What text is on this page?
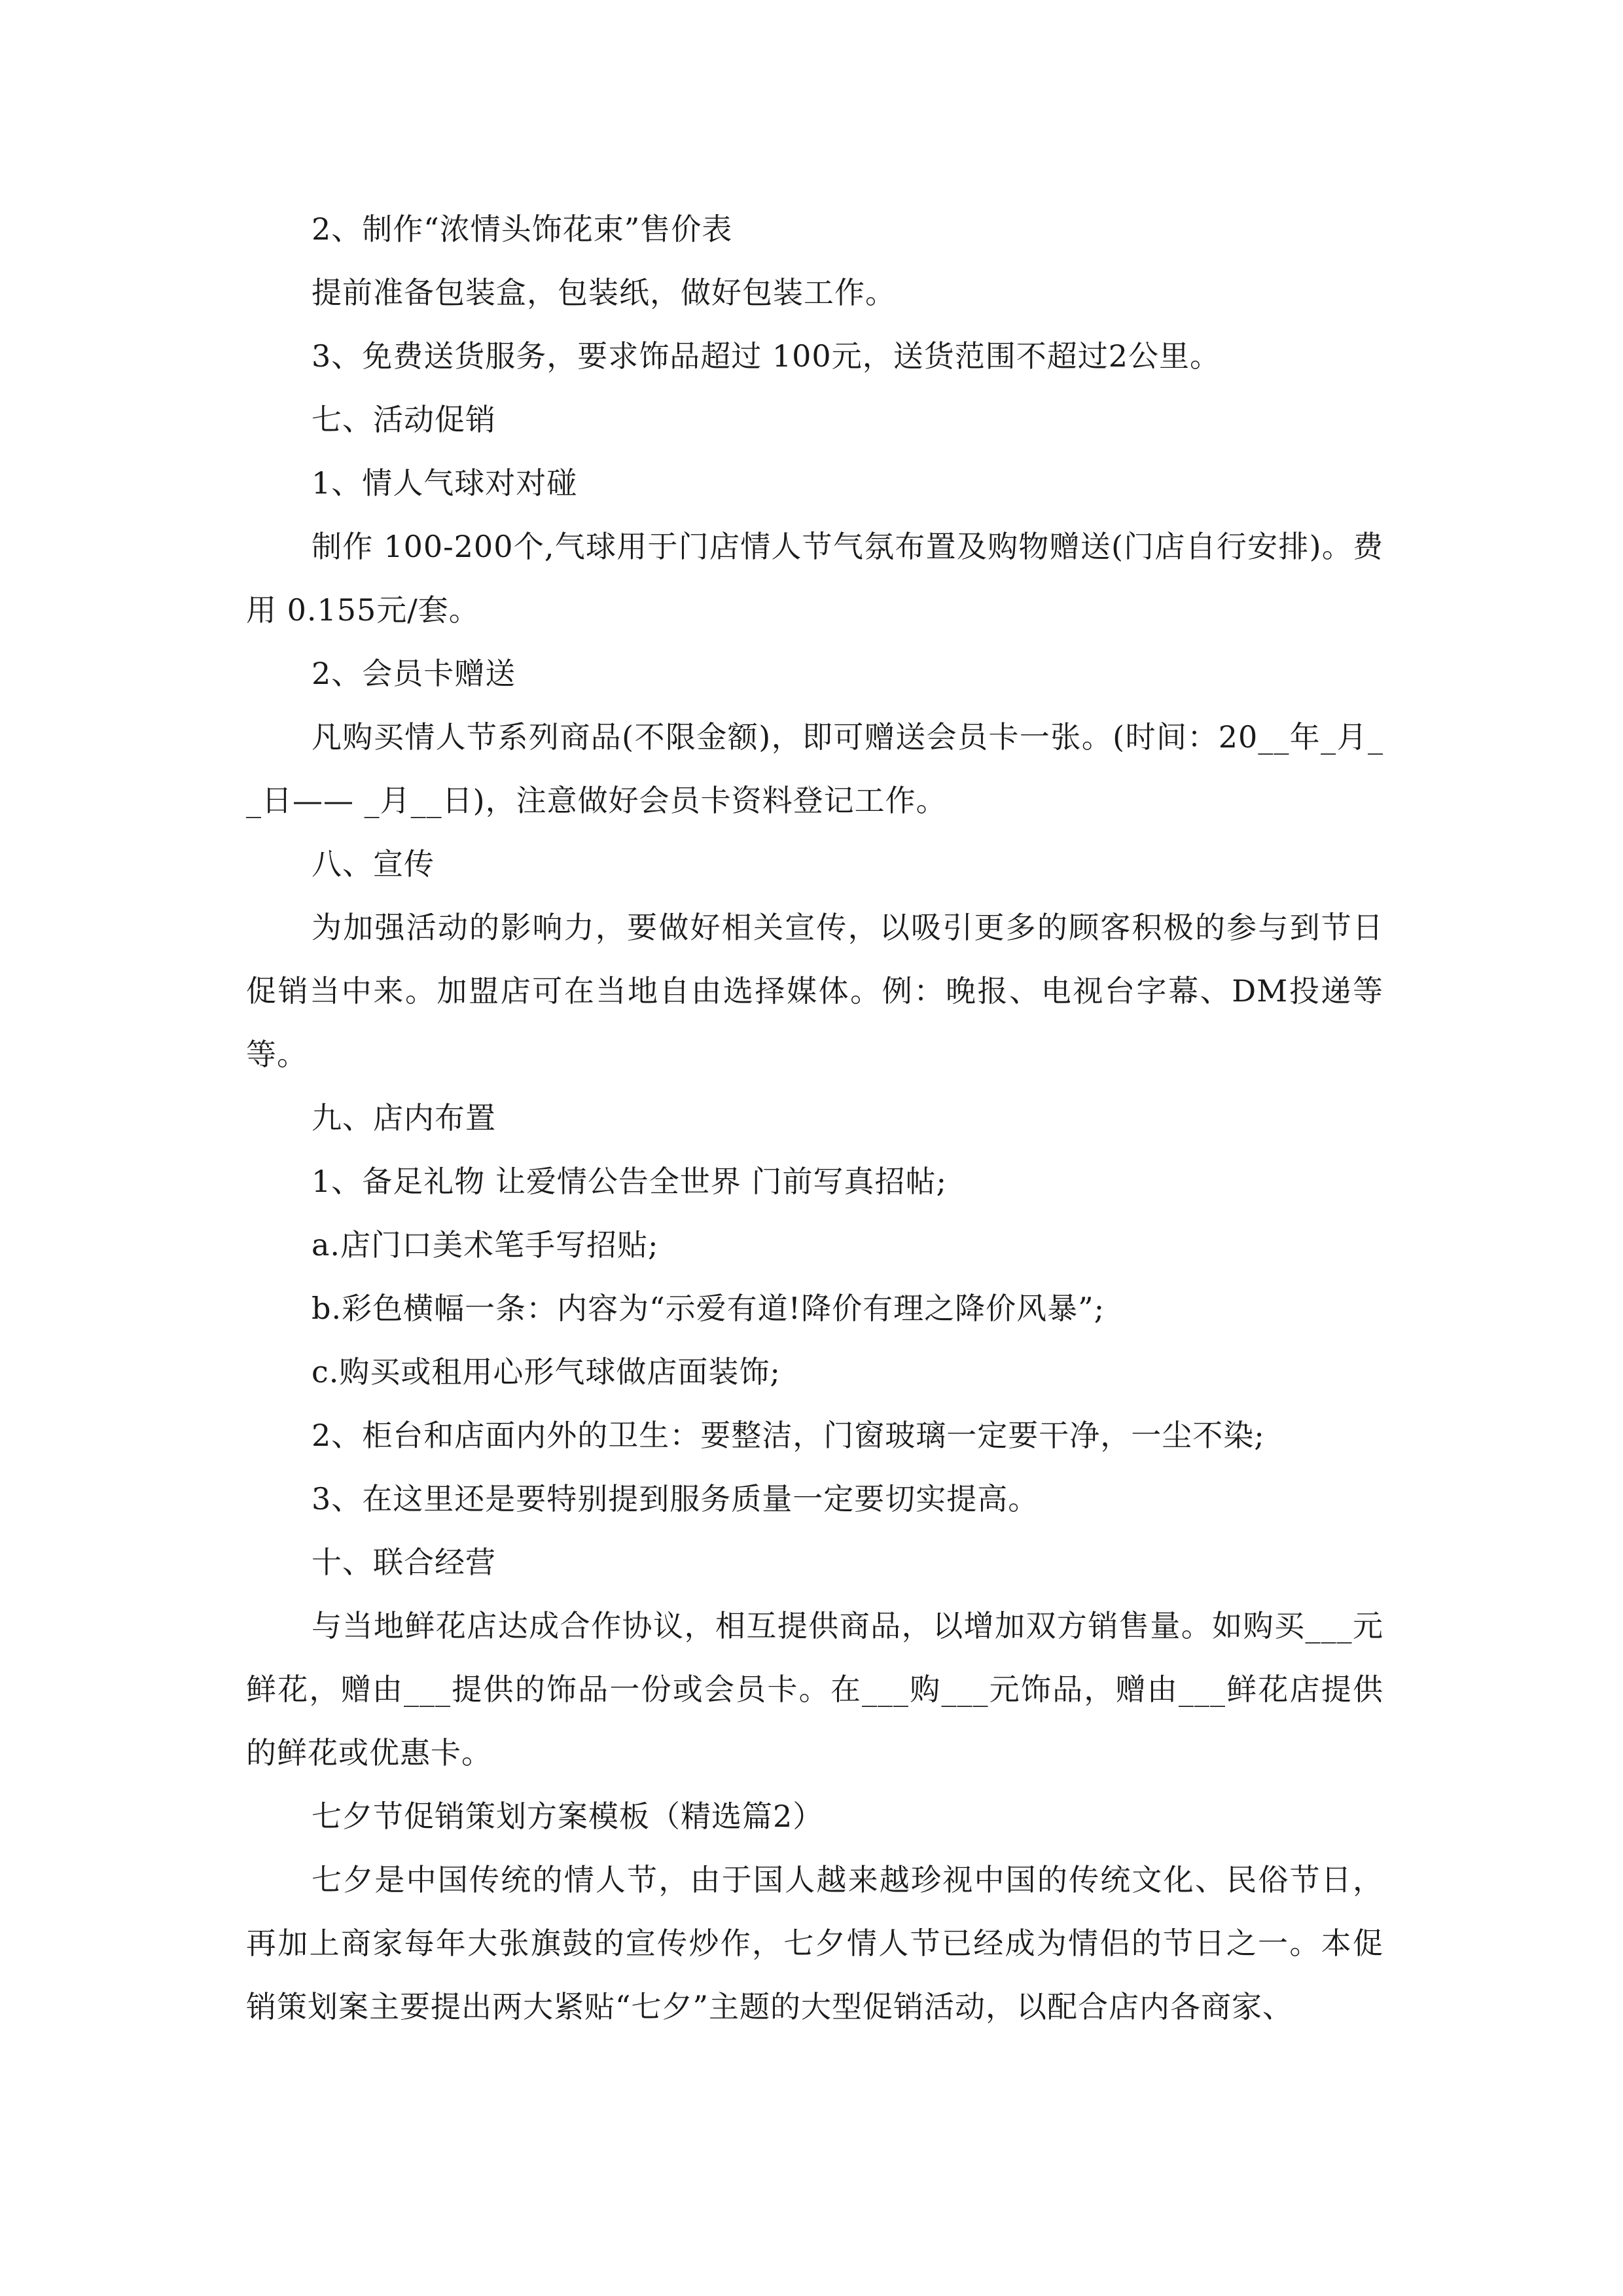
2、制作“浓情头饰花束”售价表

提前准备包装盒，包装纸，做好包装工作。

3、免费送货服务，要求饰品超过 100元，送货范围不超过2公里。

七、活动促销

1、情人气球对对碰

制作 100-200个,气球用于门店情人节气氛布置及购物赠送(门店自行安排)。费用 0.155元/套。

2、会员卡赠送

凡购买情人节系列商品(不限金额)，即可赠送会员卡一张。(时间：20__年_月__日—— _月__日)，注意做好会员卡资料登记工作。

八、宣传

为加强活动的影响力，要做好相关宣传，以吸引更多的顾客积极的参与到节日促销当中来。加盟店可在当地自由选择媒体。例：晚报、电视台字幕、DM投递等等。

九、店内布置

1、备足礼物 让爱情公告全世界 门前写真招帖;

a.店门口美术笔手写招贴;

b.彩色横幅一条：内容为“示爱有道!降价有理之降价风暴”;

c.购买或租用心形气球做店面装饰;

2、柜台和店面内外的卫生：要整洁，门窗玻璃一定要干净，一尘不染;

3、在这里还是要特别提到服务质量一定要切实提高。

十、联合经营

与当地鲜花店达成合作协议，相互提供商品，以增加双方销售量。如购买___元鲜花，赠由___提供的饰品一份或会员卡。在___购___元饰品，赠由___鲜花店提供的鲜花或优惠卡。

七夕节促销策划方案模板（精选篇2）

七夕是中国传统的情人节，由于国人越来越珍视中国的传统文化、民俗节日，再加上商家每年大张旗鼓的宣传炒作，七夕情人节已经成为情侣的节日之一。本促销策划案主要提出两大紧贴“七夕”主题的大型促销活动，以配合店内各商家、
